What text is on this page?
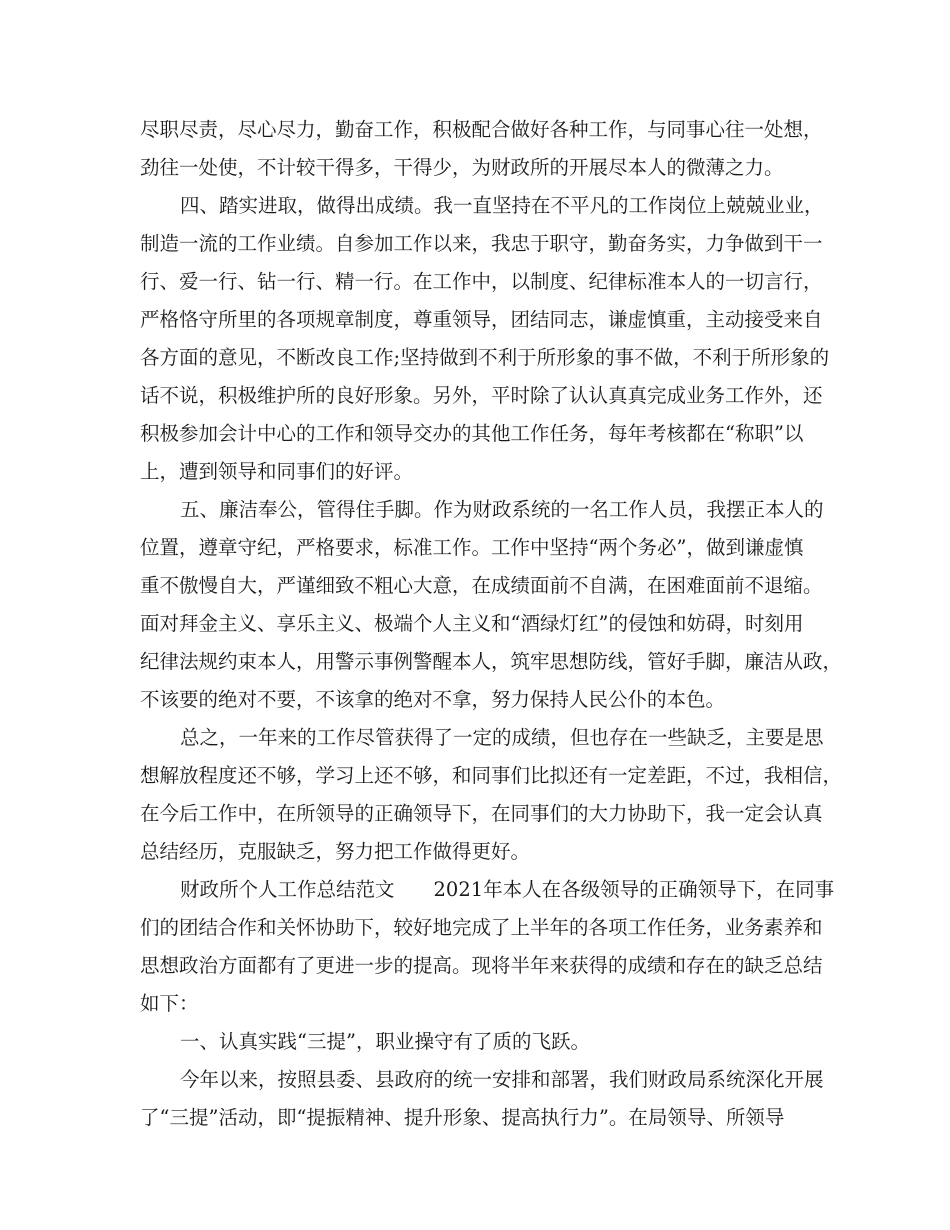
尽职尽责，尽心尽力，勤奋工作，积极配合做好各种工作，与同事心往一处想，
劲往一处使，不计较干得多，干得少，为财政所的开展尽本人的微薄之力。
四、踏实进取，做得出成绩。我一直坚持在不平凡的工作岗位上兢兢业业，
制造一流的工作业绩。自参加工作以来，我忠于职守，勤奋务实，力争做到干一
行、爱一行、钻一行、精一行。在工作中，以制度、纪律标准本人的一切言行，
严格恪守所里的各项规章制度，尊重领导，团结同志，谦虚慎重，主动接受来自
各方面的意见，不断改良工作;坚持做到不利于所形象的事不做，不利于所形象的
话不说，积极维护所的良好形象。另外，平时除了认认真真完成业务工作外，还
积极参加会计中心的工作和领导交办的其他工作任务，每年考核都在“称职”以
上，遭到领导和同事们的好评。
五、廉洁奉公，管得住手脚。作为财政系统的一名工作人员，我摆正本人的
位置，遵章守纪，严格要求，标准工作。工作中坚持“两个务必”，做到谦虚慎
重不傲慢自大，严谨细致不粗心大意，在成绩面前不自满，在困难面前不退缩。
面对拜金主义、享乐主义、极端个人主义和“酒绿灯红”的侵蚀和妨碍，时刻用
纪律法规约束本人，用警示事例警醒本人，筑牢思想防线，管好手脚，廉洁从政，
不该要的绝对不要，不该拿的绝对不拿，努力保持人民公仆的本色。
总之，一年来的工作尽管获得了一定的成绩，但也存在一些缺乏，主要是思
想解放程度还不够，学习上还不够，和同事们比拟还有一定差距，不过，我相信，
在今后工作中，在所领导的正确领导下，在同事们的大力协助下，我一定会认真
总结经历，克服缺乏，努力把工作做得更好。
财政所个人工作总结范文　　2021年本人在各级领导的正确领导下，在同事
们的团结合作和关怀协助下，较好地完成了上半年的各项工作任务，业务素养和
思想政治方面都有了更进一步的提高。现将半年来获得的成绩和存在的缺乏总结
如下：
一、认真实践“三提”，职业操守有了质的飞跃。
今年以来，按照县委、县政府的统一安排和部署，我们财政局系统深化开展
了“三提”活动，即“提振精神、提升形象、提高执行力”。在局领导、所领导
